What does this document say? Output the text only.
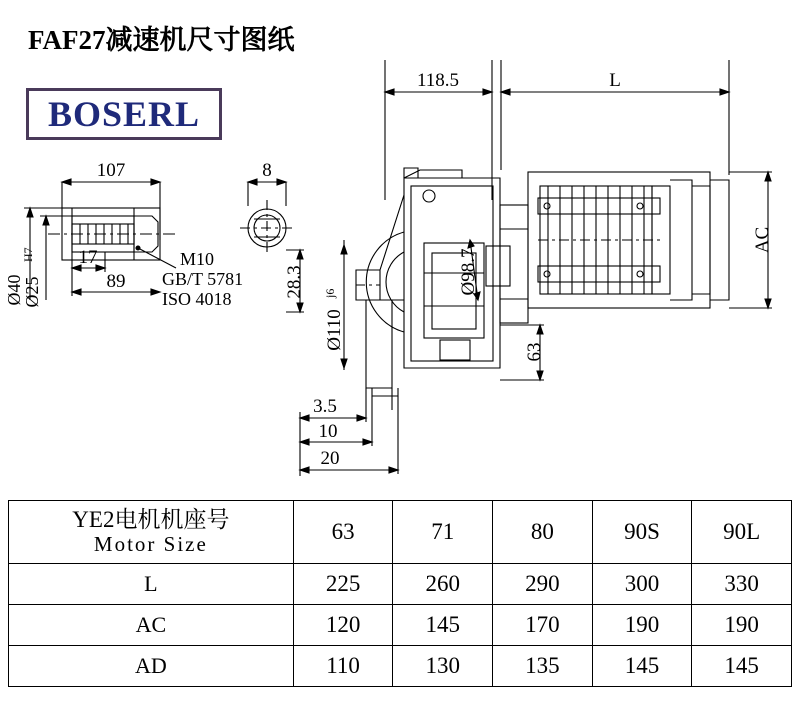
FAF27减速机尺寸图纸
BOSERL
118.5	L
AC
107	8
17
89
M10
GB/T 5781
ISO 4018
Ø40
Ø25
H7
28.3	Ø98.7
Ø110
j6
63
3.5
10
20
YE2电机机座号
Motor Size	63	71	80	90S	90L
L	225	260	290	300	330
AC	120	145	170	190	190
AD	110	130	135	145	145
